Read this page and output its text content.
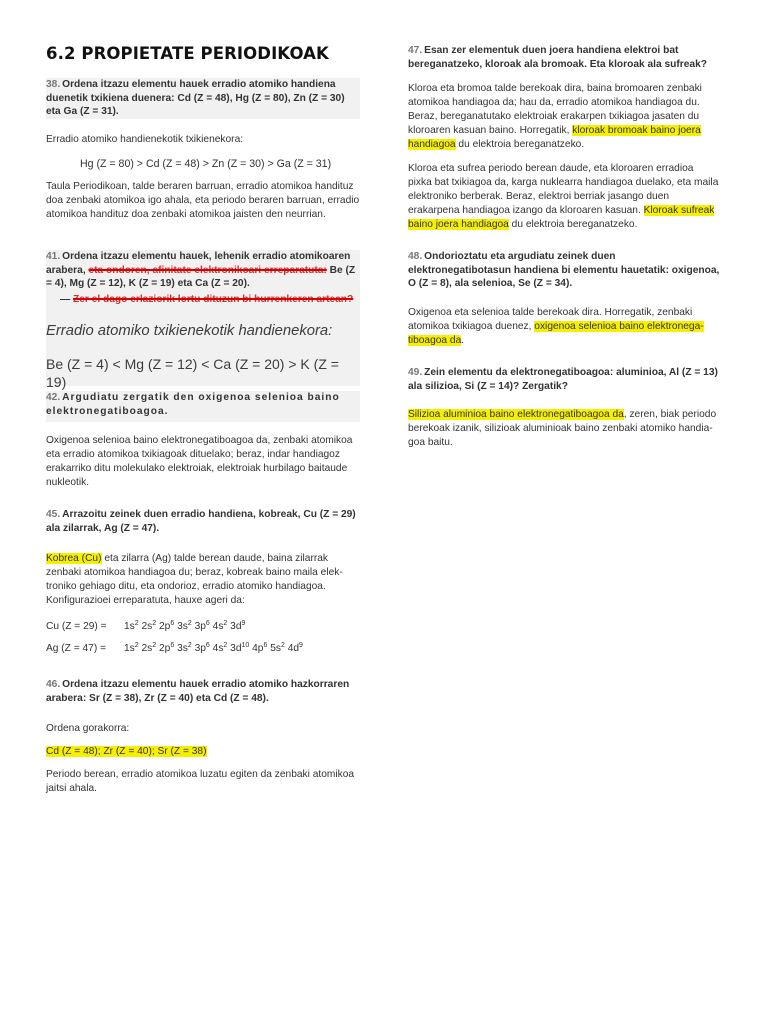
6.2 PROPIETATE PERIODIKOAK
38. Ordena itzazu elementu hauek erradio atomiko handiena duenetik txikiena duenera: Cd (Z = 48), Hg (Z = 80), Zn (Z = 30) eta Ga (Z = 31).

Erradio atomiko handienekotik txikienekora:

Hg (Z = 80) > Cd (Z = 48) > Zn (Z = 30) > Ga (Z = 31)

Taula Periodikoan, talde beraren barruan, erradio atomikoa handituz doa zenbaki atomikoa igo ahala, eta periodo beraren barruan, erradio atomikoa handituz doa zenbaki atomikoa jaisten den neurrian.

41. Ordena itzazu elementu hauek, lehenik erradio atomikoaren arabera, eta ondoren, afinitate elektronikoari erreparatuta: Be (Z = 4), Mg (Z = 12), K (Z = 19) eta Ca (Z = 20).
— Zer el dago erlaziorik lortu dituzun bi hurrenkeren artean?
Erradio atomiko txikienekotik handienekora:
Be (Z = 4) < Mg (Z = 12) < Ca (Z = 20) > K (Z = 19)
42. Argudiatu zergatik den oxigenoa selenioa baino elektronegatiboagoa.

Oxigenoa selenioa baino elektronegatiboagoa da, zenbaki atomikoa eta erradio atomikoa txikiagoak dituelako; beraz, indar handiagoz erakarriko ditu molekulako elektroiak, elektroiak hurbilago baitaude nukleotik.

45. Arrazoitu zeinek duen erradio handiena, kobreak, Cu (Z = 29) ala zilarrak, Ag (Z = 47).

Kobrea (Cu) eta zilarra (Ag) talde berean daude, baina zilarrak zenbaki atomikoa handiagoa du; beraz, kobreak baino maila elektroniko gehiago ditu, eta ondorioz, erradio atomiko handiagoa. Konfigurazioei erreparatuta, hauxe ageri da:

Cu (Z = 29) =	$1s^2$ $2s^2$ $2p^6$ $3s^2$ $3p^6$ $4s^2$ $3d^9$
Ag (Z = 47) =	$1s^2$ $2s^2$ $2p^6$ $3s^2$ $3p^6$ $4s^2$ $3d^{10}$ $4p^6$ $5s^2$ $4d^9$
46. Ordena itzazu elementu hauek erradio atomiko hazkorraren arabera: Sr (Z = 38), Zr (Z = 40) eta Cd (Z = 48).

Ordena gorakorra:

Cd (Z = 48); Zr (Z = 40); Sr (Z = 38)

Periodo berean, erradio atomikoa luzatu egiten da zenbaki atomikoa jaitsi ahala.

47. Esan zer elementuk duen joera handiena elektroi bat bereganatzeko, kloroak ala bromoak. Eta kloroak ala sufreak?

Kloroa eta bromoa talde berekoak dira, baina bromoaren zenbaki atomikoa handiagoa da; hau da, erradio atomikoa handiagoa du. Beraz, bereganatutako elektroiak erakarpen txikiagoa jasaten du kloroaren kasuan baino. Horregatik, kloroak bromoak baino joera handiagoa du elektroia bereganatzeko.

Kloroa eta sufrea periodo berean daude, eta kloroaren erradioa pixka bat txikiagoa da, karga nuklearra handiagoa duelako, eta maila elektroniko berberak. Beraz, elektroi berriak jasango duen erakarpena handiagoa izango da kloroaren kasuan. Kloroak sufreak baino joera handiagoa du elektroia bereganatzeko.

48. Ondorioztatu eta argudiatu zeinek duen elektronegatibotasun handiena bi elementu hauetatik: oxigenoa, O (Z = 8), ala selenioa, Se (Z = 34).

Oxigenoa eta selenioa talde berekoak dira. Horregatik, zenbaki atomikoa txikiagoa duenez, oxigenoa selenioa baino elektronegatiboagoa da.

49. Zein elementu da elektronegatiboagoa: aluminioa, Al (Z = 13) ala silizioa, Si (Z = 14)? Zergatik?

Silizioa aluminioa baino elektronegatiboagoa da, zeren, biak periodo berekoak izanik, silizioak aluminioak baino zenbaki atomiko handiagoa baitu.
